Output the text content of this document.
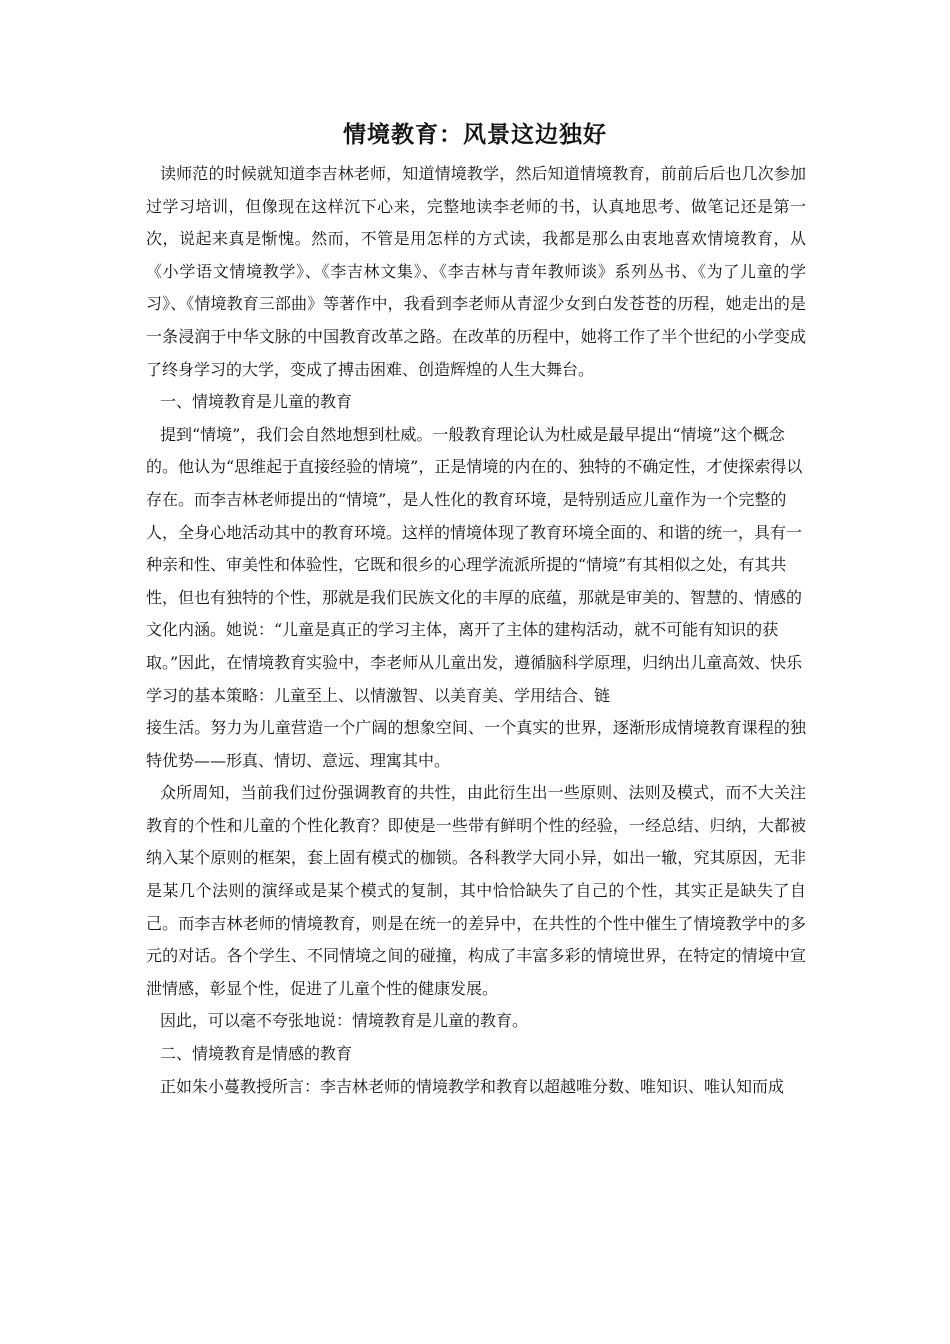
情境教育：风景这边独好

读师范的时候就知道李吉林老师，知道情境教学，然后知道情境教育，前前后后也几次参加过学习培训，但像现在这样沉下心来，完整地读李老师的书，认真地思考、做笔记还是第一次，说起来真是惭愧。然而，不管是用怎样的方式读，我都是那么由衷地喜欢情境教育，从《小学语文情境教学》、《李吉林文集》、《李吉林与青年教师谈》系列丛书、《为了儿童的学习》、《情境教育三部曲》等著作中，我看到李老师从青涩少女到白发苍苍的历程，她走出的是一条浸润于中华文脉的中国教育改革之路。在改革的历程中，她将工作了半个世纪的小学变成了终身学习的大学，变成了搏击困难、创造辉煌的人生大舞台。

一、情境教育是儿童的教育

提到“情境”，我们会自然地想到杜威。一般教育理论认为杜威是最早提出“情境”这个概念的。他认为“思维起于直接经验的情境”，正是情境的内在的、独特的不确定性，才使探索得以存在。而李吉林老师提出的“情境”，是人性化的教育环境，是特别适应儿童作为一个完整的人，全身心地活动其中的教育环境。这样的情境体现了教育环境全面的、和谐的统一，具有一种亲和性、审美性和体验性，它既和很乡的心理学流派所提的“情境”有其相似之处，有其共性，但也有独特的个性，那就是我们民族文化的丰厚的底蕴，那就是审美的、智慧的、情感的文化内涵。她说：“儿童是真正的学习主体，离开了主体的建构活动，就不可能有知识的获取。”因此，在情境教育实验中，李老师从儿童出发，遵循脑科学原理，归纳出儿童高效、快乐学习的基本策略：儿童至上、以情激智、以美育美、学用结合、链

接生活。努力为儿童营造一个广阔的想象空间、一个真实的世界，逐渐形成情境教育课程的独特优势——形真、情切、意远、理寓其中。

众所周知，当前我们过份强调教育的共性，由此衍生出一些原则、法则及模式，而不大关注教育的个性和儿童的个性化教育？即使是一些带有鲜明个性的经验，一经总结、归纳，大都被纳入某个原则的框架，套上固有模式的枷锁。各科教学大同小异，如出一辙，究其原因，无非是某几个法则的演绎或是某个模式的复制，其中恰恰缺失了自己的个性，其实正是缺失了自己。而李吉林老师的情境教育，则是在统一的差异中，在共性的个性中催生了情境教学中的多元的对话。各个学生、不同情境之间的碰撞，构成了丰富多彩的情境世界，在特定的情境中宣泄情感，彰显个性，促进了儿童个性的健康发展。

因此，可以毫不夸张地说：情境教育是儿童的教育。

二、情境教育是情感的教育

正如朱小蔓教授所言：李吉林老师的情境教学和教育以超越唯分数、唯知识、唯认知而成
